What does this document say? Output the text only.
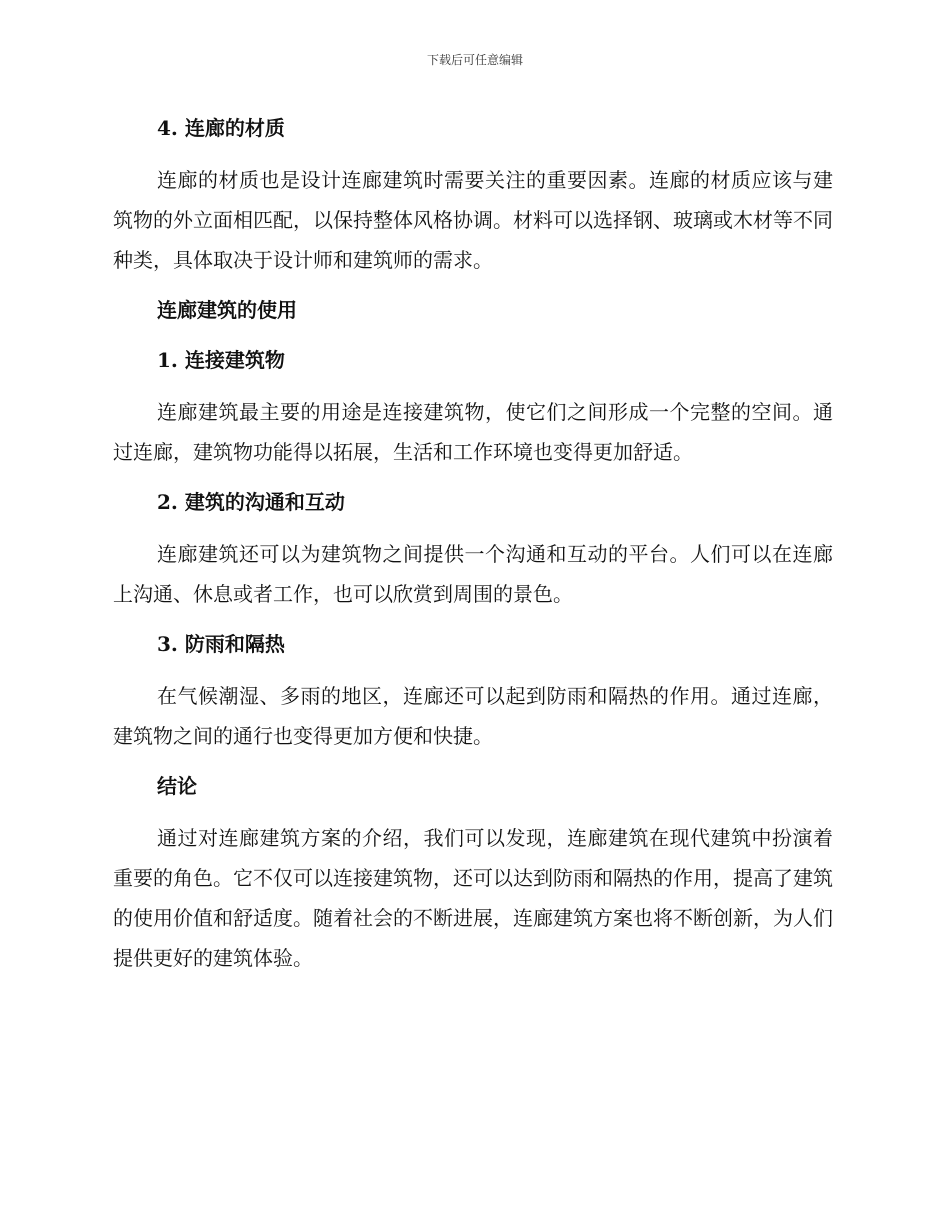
下载后可任意编辑
4. 连廊的材质
连廊的材质也是设计连廊建筑时需要关注的重要因素。连廊的材质应该与建筑物的外立面相匹配，以保持整体风格协调。材料可以选择钢、玻璃或木材等不同种类，具体取决于设计师和建筑师的需求。
连廊建筑的使用
1. 连接建筑物
连廊建筑最主要的用途是连接建筑物，使它们之间形成一个完整的空间。通过连廊，建筑物功能得以拓展，生活和工作环境也变得更加舒适。
2. 建筑的沟通和互动
连廊建筑还可以为建筑物之间提供一个沟通和互动的平台。人们可以在连廊上沟通、休息或者工作，也可以欣赏到周围的景色。
3. 防雨和隔热
在气候潮湿、多雨的地区，连廊还可以起到防雨和隔热的作用。通过连廊，建筑物之间的通行也变得更加方便和快捷。
结论
通过对连廊建筑方案的介绍，我们可以发现，连廊建筑在现代建筑中扮演着重要的角色。它不仅可以连接建筑物，还可以达到防雨和隔热的作用，提高了建筑的使用价值和舒适度。随着社会的不断进展，连廊建筑方案也将不断创新，为人们提供更好的建筑体验。
